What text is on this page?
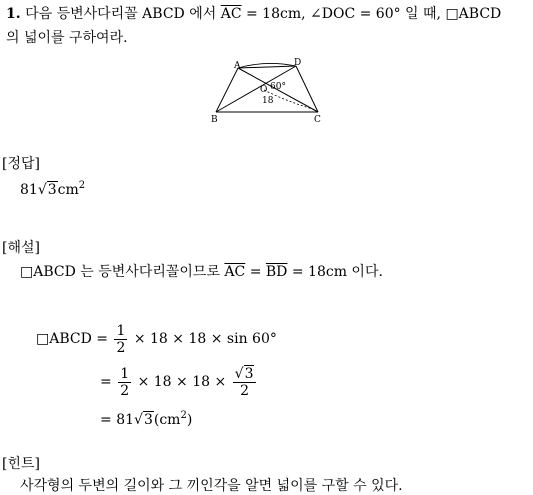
1. 다음 등변사다리꼴 ABCD 에서 $\overline{AC} = 18cm$, ∠DOC = 60° 일 때, □ABCD
의 넓이를 구하여라.
A	D
B	C
O 60°
18
[정답]
$81√3cm^2$
[해설]
□ABCD 는 등변사다리꼴이므로 $\overline{AC} = \overline{BD} = 18cm$ 이다.
□ABCD = $\frac{1}{2} \times 18 \times 18 \times \sin 60^\circ$
= $\frac{1}{2} \times 18 \times 18 \times \frac{√3}{2}$
= $81√3(cm^2)$
[힌트]
사각형의 두변의 길이와 그 끼인각을 알면 넓이를 구할 수 있다.
